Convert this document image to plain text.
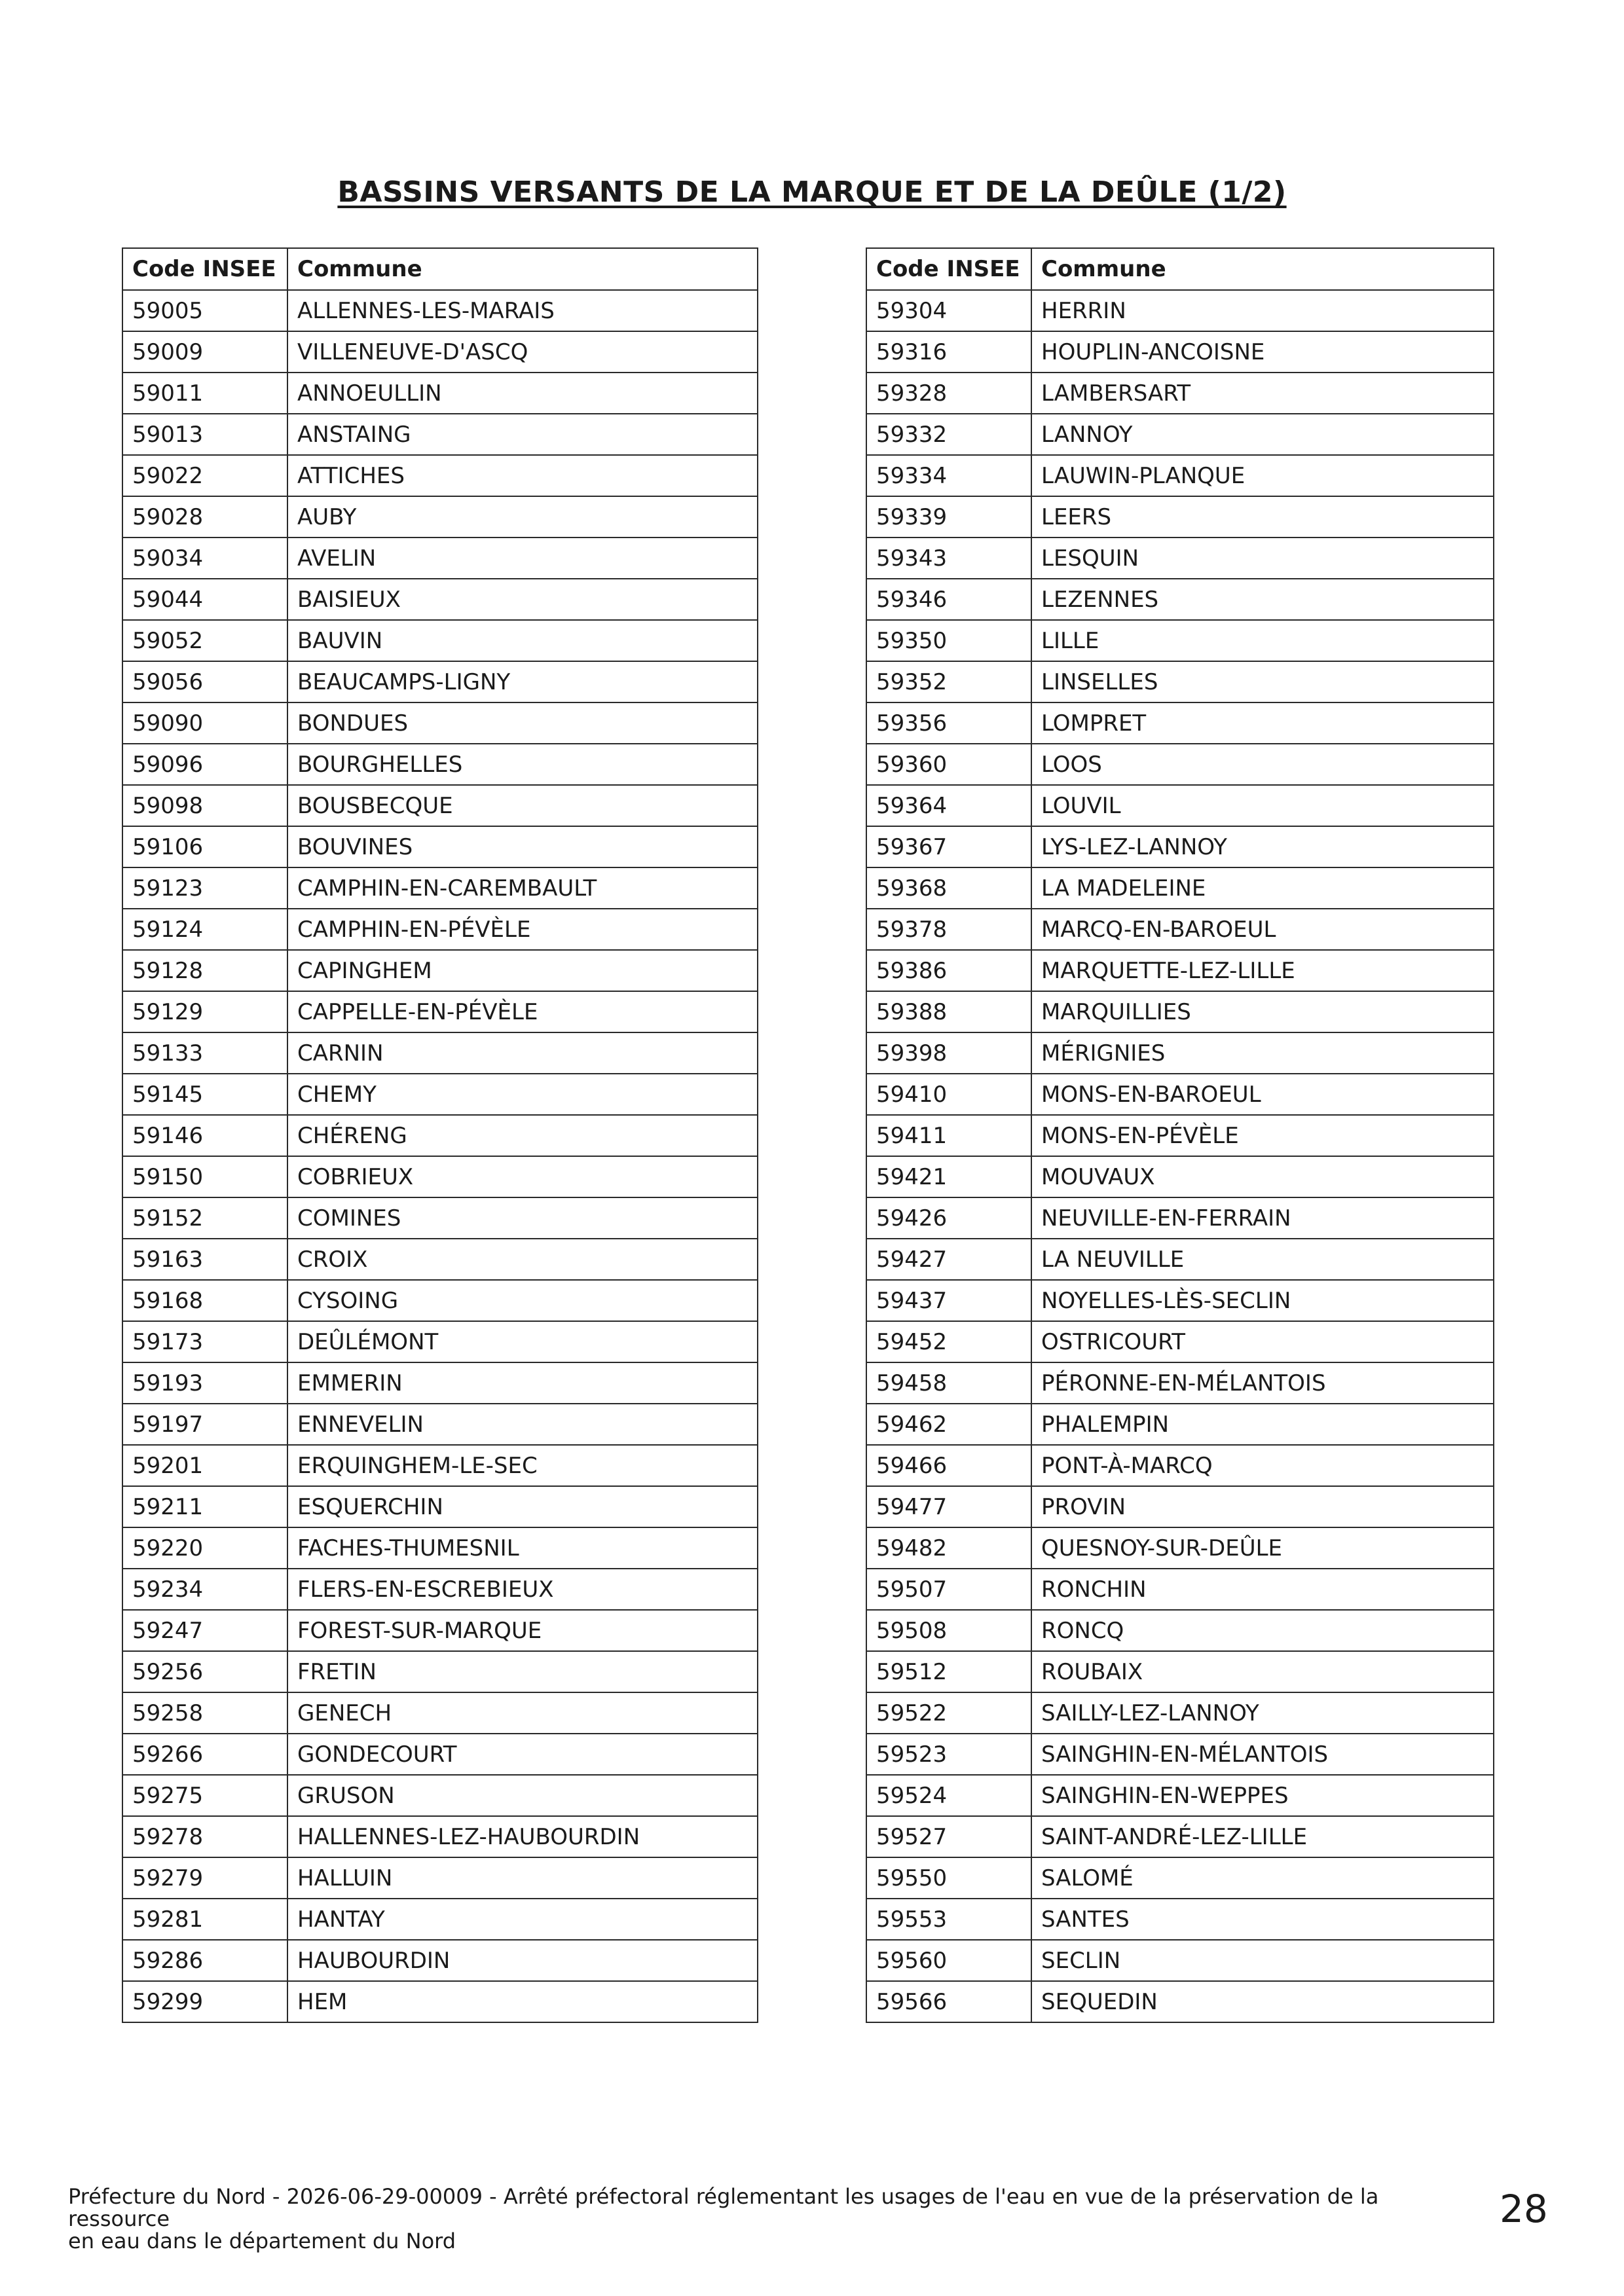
BASSINS VERSANTS DE LA MARQUE ET DE LA DEÛLE (1/2)
Code INSEE	Commune
59005	ALLENNES-LES-MARAIS
59009	VILLENEUVE-D'ASCQ
59011	ANNOEULLIN
59013	ANSTAING
59022	ATTICHES
59028	AUBY
59034	AVELIN
59044	BAISIEUX
59052	BAUVIN
59056	BEAUCAMPS-LIGNY
59090	BONDUES
59096	BOURGHELLES
59098	BOUSBECQUE
59106	BOUVINES
59123	CAMPHIN-EN-CAREMBAULT
59124	CAMPHIN-EN-PÉVÈLE
59128	CAPINGHEM
59129	CAPPELLE-EN-PÉVÈLE
59133	CARNIN
59145	CHEMY
59146	CHÉRENG
59150	COBRIEUX
59152	COMINES
59163	CROIX
59168	CYSOING
59173	DEÛLÉMONT
59193	EMMERIN
59197	ENNEVELIN
59201	ERQUINGHEM-LE-SEC
59211	ESQUERCHIN
59220	FACHES-THUMESNIL
59234	FLERS-EN-ESCREBIEUX
59247	FOREST-SUR-MARQUE
59256	FRETIN
59258	GENECH
59266	GONDECOURT
59275	GRUSON
59278	HALLENNES-LEZ-HAUBOURDIN
59279	HALLUIN
59281	HANTAY
59286	HAUBOURDIN
59299	HEM
Code INSEE	Commune
59304	HERRIN
59316	HOUPLIN-ANCOISNE
59328	LAMBERSART
59332	LANNOY
59334	LAUWIN-PLANQUE
59339	LEERS
59343	LESQUIN
59346	LEZENNES
59350	LILLE
59352	LINSELLES
59356	LOMPRET
59360	LOOS
59364	LOUVIL
59367	LYS-LEZ-LANNOY
59368	LA MADELEINE
59378	MARCQ-EN-BAROEUL
59386	MARQUETTE-LEZ-LILLE
59388	MARQUILLIES
59398	MÉRIGNIES
59410	MONS-EN-BAROEUL
59411	MONS-EN-PÉVÈLE
59421	MOUVAUX
59426	NEUVILLE-EN-FERRAIN
59427	LA NEUVILLE
59437	NOYELLES-LÈS-SECLIN
59452	OSTRICOURT
59458	PÉRONNE-EN-MÉLANTOIS
59462	PHALEMPIN
59466	PONT-À-MARCQ
59477	PROVIN
59482	QUESNOY-SUR-DEÛLE
59507	RONCHIN
59508	RONCQ
59512	ROUBAIX
59522	SAILLY-LEZ-LANNOY
59523	SAINGHIN-EN-MÉLANTOIS
59524	SAINGHIN-EN-WEPPES
59527	SAINT-ANDRÉ-LEZ-LILLE
59550	SALOMÉ
59553	SANTES
59560	SECLIN
59566	SEQUEDIN
Préfecture du Nord - 2026-06-29-00009 - Arrêté préfectoral réglementant les usages de l'eau en vue de la préservation de la ressource
en eau dans le département du Nord
28
